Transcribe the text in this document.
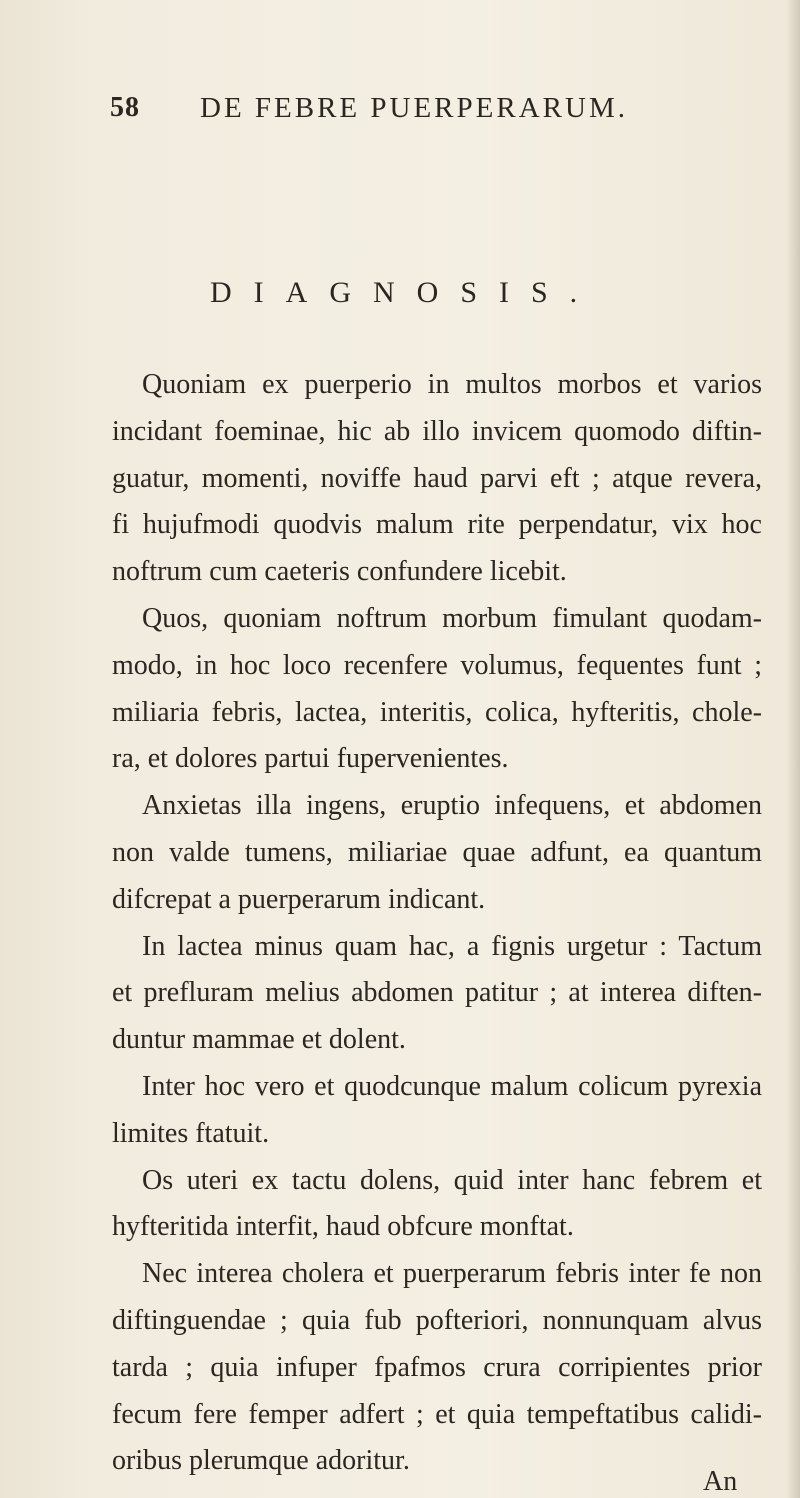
58 DE FEBRE PUERPERARUM.
DIAGNOSIS.

Quoniam ex puerperio in multos morbos et varios
incidant foeminae, hic ab illo invicem quomodo diftin-
guatur, momenti, noviffe haud parvi eft ; atque revera,
fi hujufmodi quodvis malum rite perpendatur, vix hoc
noftrum cum caeteris confundere licebit.

Quos, quoniam noftrum morbum fimulant quodam-
modo, in hoc loco recenfere volumus, fequentes funt ;
miliaria febris, lactea, interitis, colica, hyfteritis, chole-
ra, et dolores partui fupervenientes.

Anxietas illa ingens, eruptio infequens, et abdomen
non valde tumens, miliariae quae adfunt, ea quantum
difcrepat a puerperarum indicant.

In lactea minus quam hac, a fignis urgetur : Tactum
et prefluram melius abdomen patitur ; at interea diften-
duntur mammae et dolent.

Inter hoc vero et quodcunque malum colicum pyrexia
limites ftatuit.

Os uteri ex tactu dolens, quid inter hanc febrem et
hyfteritida interfit, haud obfcure monftat.

Nec interea cholera et puerperarum febris inter fe non
diftinguendae ; quia fub pofteriori, nonnunquam alvus
tarda ; quia infuper fpafmos crura corripientes prior
fecum fere femper adfert ; et quia tempeftatibus calidi-
oribus plerumque adoritur.

An
